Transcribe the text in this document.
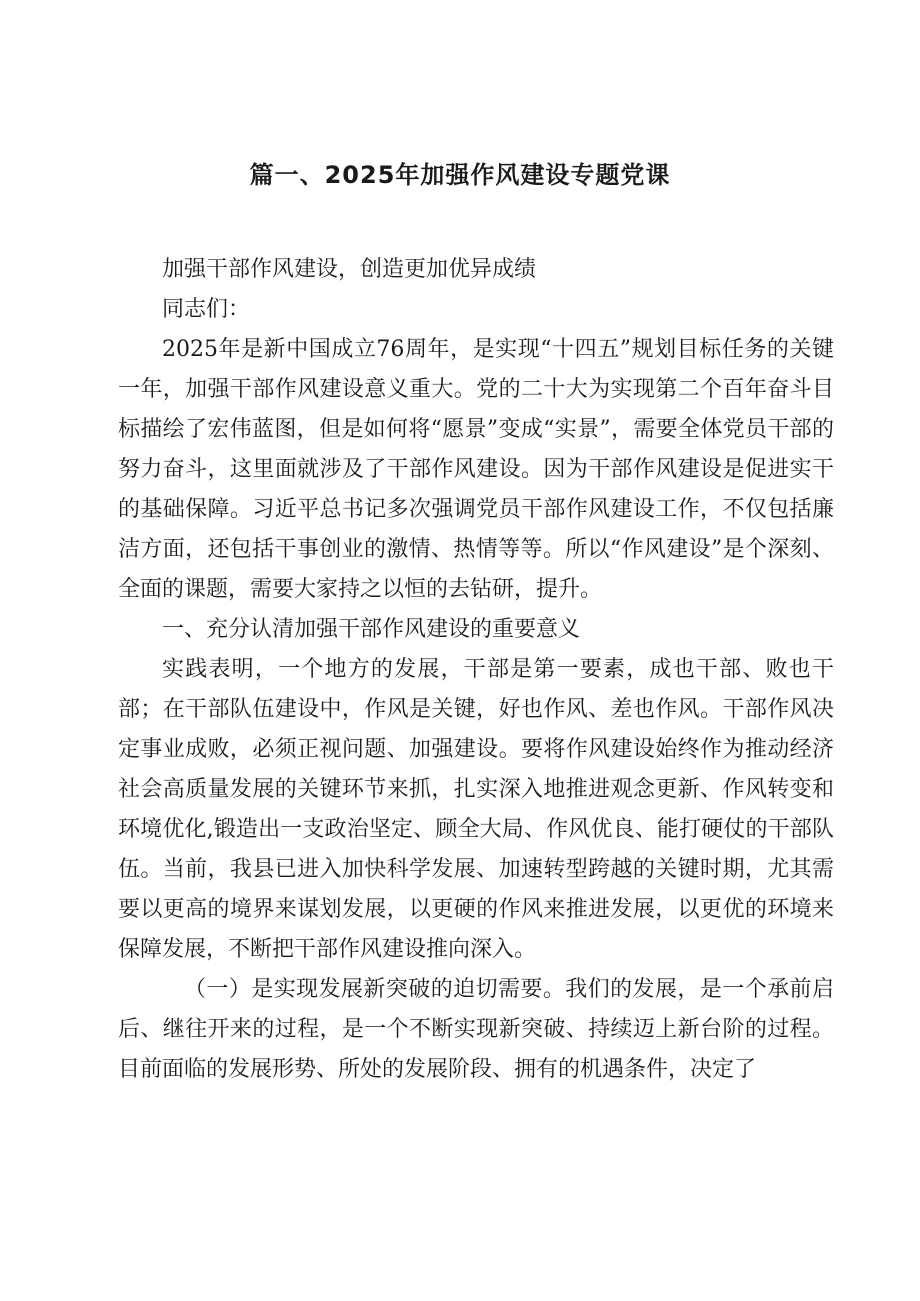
篇一、2025年加强作风建设专题党课

加强干部作风建设，创造更加优异成绩

同志们：

2025年是新中国成立76周年，是实现“十四五”规划目标任务的关键一年，加强干部作风建设意义重大。党的二十大为实现第二个百年奋斗目标描绘了宏伟蓝图，但是如何将“愿景”变成“实景”，需要全体党员干部的努力奋斗，这里面就涉及了干部作风建设。因为干部作风建设是促进实干的基础保障。习近平总书记多次强调党员干部作风建设工作，不仅包括廉洁方面，还包括干事创业的激情、热情等等。所以“作风建设”是个深刻、全面的课题，需要大家持之以恒的去钻研，提升。

一、充分认清加强干部作风建设的重要意义

实践表明，一个地方的发展，干部是第一要素，成也干部、败也干部；在干部队伍建设中，作风是关键，好也作风、差也作风。干部作风决定事业成败，必须正视问题、加强建设。要将作风建设始终作为推动经济社会高质量发展的关键环节来抓，扎实深入地推进观念更新、作风转变和环境优化,锻造出一支政治坚定、顾全大局、作风优良、能打硬仗的干部队伍。当前，我县已进入加快科学发展、加速转型跨越的关键时期，尤其需要以更高的境界来谋划发展，以更硬的作风来推进发展，以更优的环境来保障发展，不断把干部作风建设推向深入。

（一）是实现发展新突破的迫切需要。我们的发展，是一个承前启后、继往开来的过程，是一个不断实现新突破、持续迈上新台阶的过程。目前面临的发展形势、所处的发展阶段、拥有的机遇条件，决定了
